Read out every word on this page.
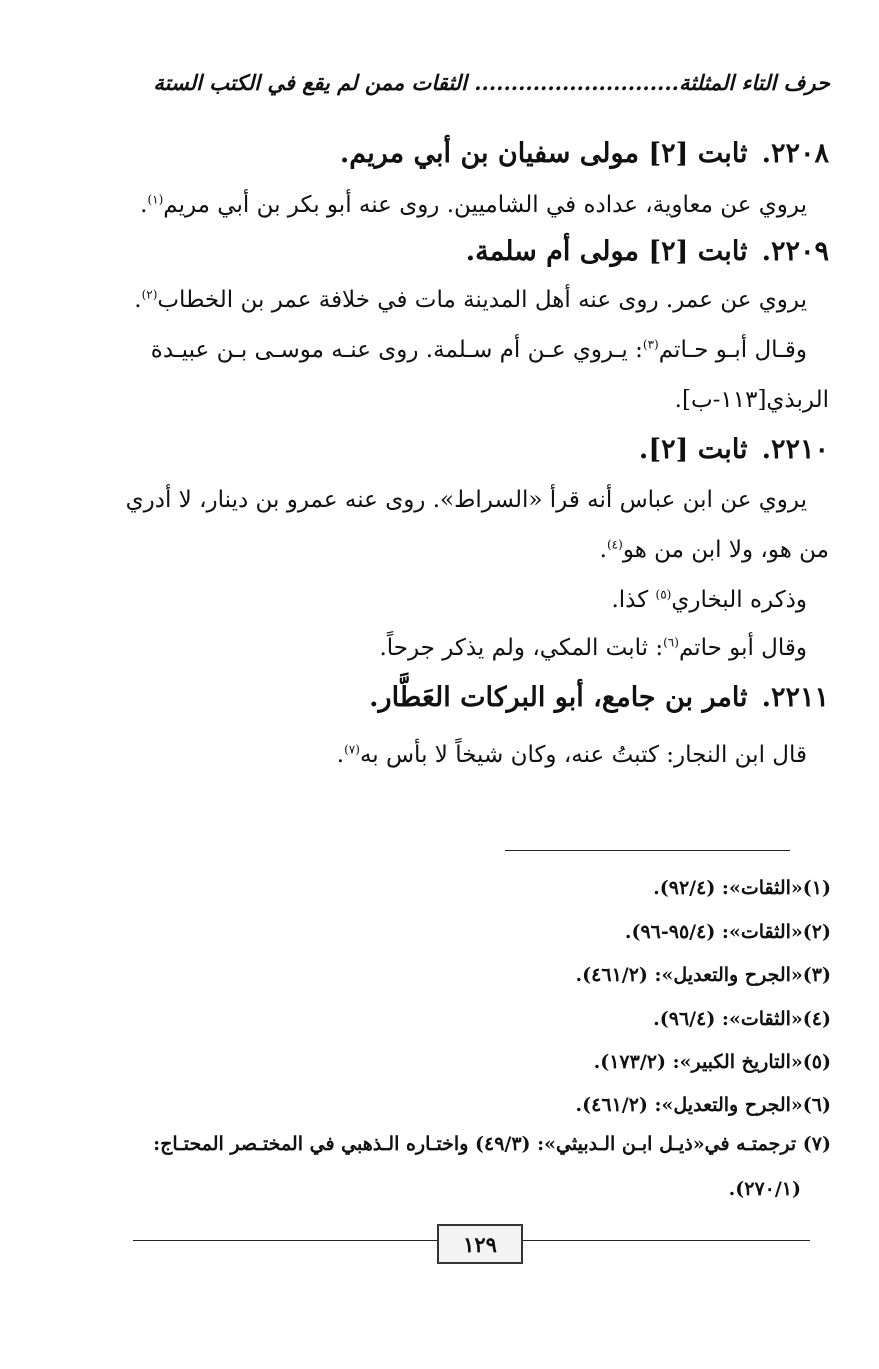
حرف التاء المثلثة............................ الثقات ممن لم يقع في الكتب الستة
٢٢٠٨.ثابت [٢] مولى سفيان بن أبي مريم.
يروي عن معاوية، عداده في الشاميين. روى عنه أبو بكر بن أبي مريم$^{(١)}$.
٢٢٠٩.ثابت [٢] مولى أم سلمة.
يروي عن عمر. روى عنه أهل المدينة مات في خلافة عمر بن الخطاب$^{(٢)}$.
وقـال أبـو حـاتم$^{(٣)}$: يـروي عـن أم سـلمة. روى عنـه موسـى بـن عبيـدة
الربذي[١١٣-ب].
٢٢١٠.ثابت [٢].
يروي عن ابن عباس أنه قرأ «السراط». روى عنه عمرو بن دينار، لا أدري
من هو، ولا ابن من هو$^{(٤)}$.
وذكره البخاري$^{(٥)}$ كذا.
وقال أبو حاتم$^{(٦)}$: ثابت المكي، ولم يذكر جرحاً.
٢٢١١.ثامر بن جامع، أبو البركات العَطَّار.
قال ابن النجار: كتبتُ عنه، وكان شيخاً لا بأس به$^{(٧)}$.
(١)«الثقات»: (٩٢/٤).
(٢)«الثقات»: (٩٥/٤-٩٦).
(٣)«الجرح والتعديل»: (٤٦١/٢).
(٤)«الثقات»: (٩٦/٤).
(٥)«التاريخ الكبير»: (١٧٣/٢).
(٦)«الجرح والتعديل»: (٤٦١/٢).
(٧) ترجمتـه في«ذيـل ابـن الـدبيثي»: (٤٩/٣) واختـاره الـذهبي في المختـصر المحتـاج:
(٢٧٠/١).
١٢٩
